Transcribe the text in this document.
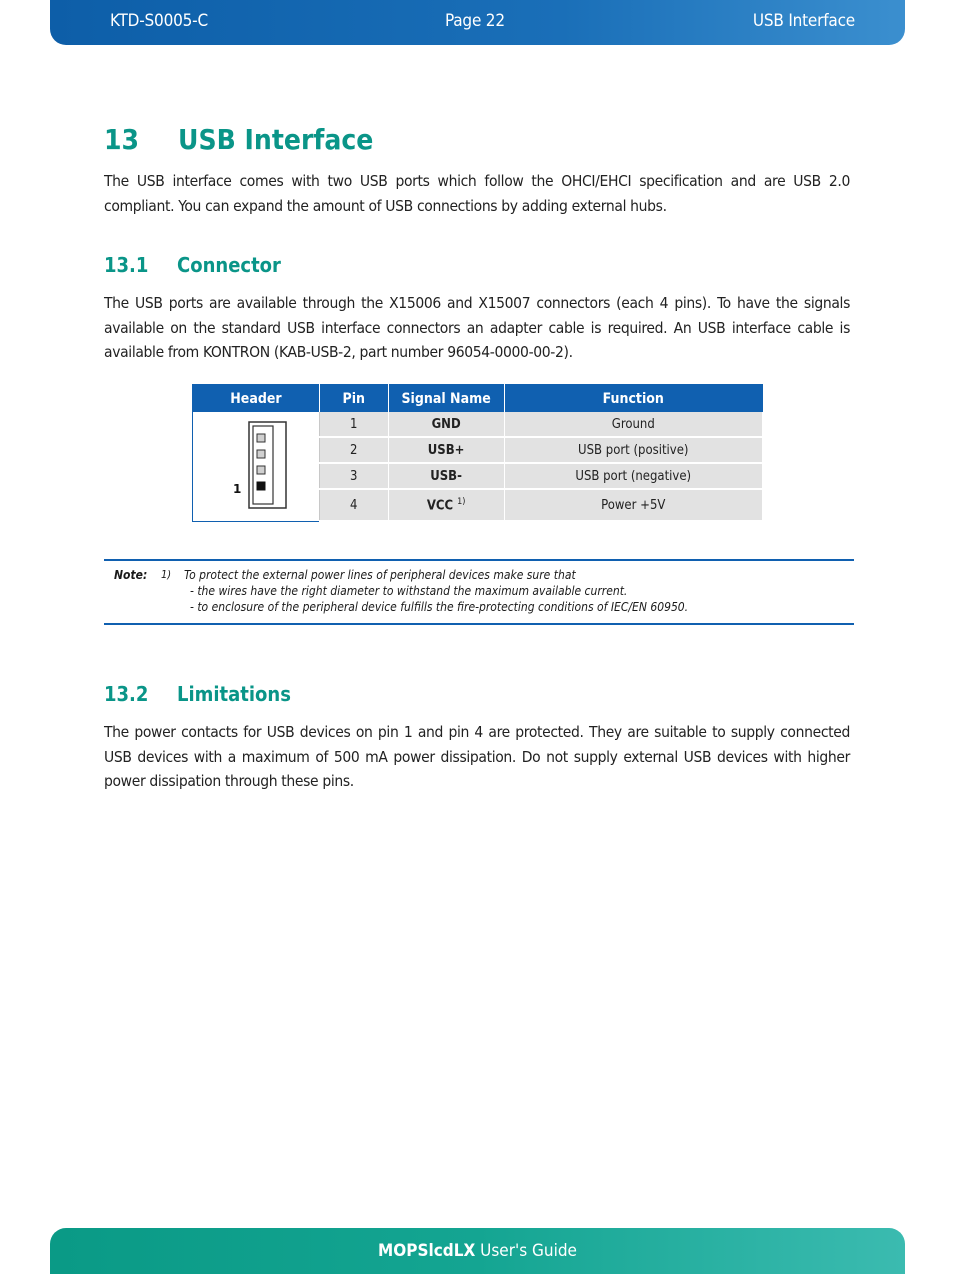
KTD-S0005-C	Page 22	USB Interface
13 USB Interface

The USB interface comes with two USB ports which follow the OHCI/EHCI specification and are USB 2.0 compliant. You can expand the amount of USB connections by adding external hubs.

13.1 Connector

The USB ports are available through the X15006 and X15007 connectors (each 4 pins). To have the signals available on the standard USB interface connectors an adapter cable is required. An USB interface cable is available from KONTRON (KAB-USB-2, part number 96054-0000-00-2).

Header	Pin	Signal Name	Function

1	1	GND	Ground
	2	USB+	USB port (positive)
	3	USB-	USB port (negative)
	4	VCC $^{1)}$	Power +5V
Note: 1) To protect the external power lines of peripheral devices make sure that
- the wires have the right diameter to withstand the maximum available current.
- to enclosure of the peripheral device fulfills the fire-protecting conditions of IEC/EN 60950.
13.2 Limitations

The power contacts for USB devices on pin 1 and pin 4 are protected. They are suitable to supply connected USB devices with a maximum of 500 mA power dissipation. Do not supply external USB devices with higher power dissipation through these pins.

MOPSlcdLX User's Guide
